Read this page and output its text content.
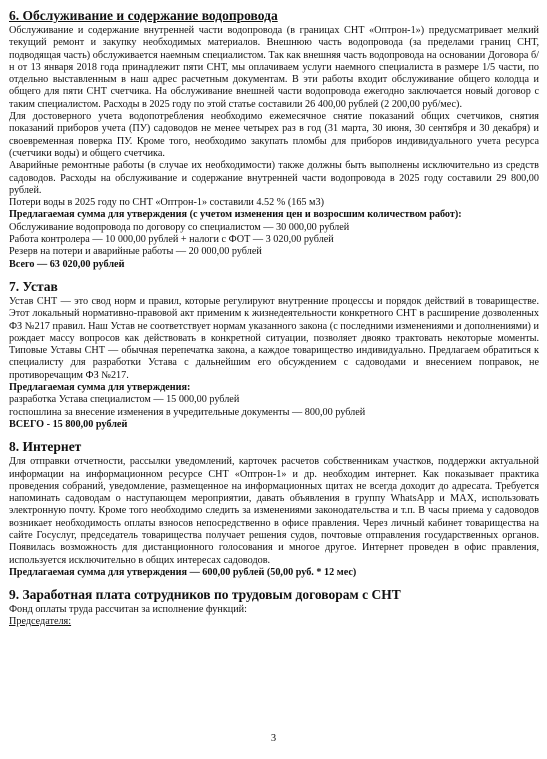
6. Обслуживание и содержание водопровода

Обслуживание и содержание внутренней части водопровода (в границах СНТ «Оптрон-1») предусматривает мелкий текущий ремонт и закупку необходимых материалов. Внешнюю часть водопровода (за пределами границ СНТ, подводящая часть) обслуживается наемным специалистом. Так как внешняя часть водопровода на основании Договора б/н от 13 января 2018 года принадлежит пяти СНТ, мы оплачиваем услуги наемного специалиста в размере 1/5 части, по отдельно выставленным в наш адрес расчетным документам. В эти работы входит обслуживание общего колодца и общего для пяти СНТ счетчика. На обслуживание внешней части водопровода ежегодно заключается новый договор с таким специалистом. Расходы в 2025 году по этой статье составили 26 400,00 рублей (2 200,00 руб/мес).

Для достоверного учета водопотребления необходимо ежемесячное снятие показаний общих счетчиков, снятия показаний приборов учета (ПУ) садоводов не менее четырех раз в год (31 марта, 30 июня, 30 сентября и 30 декабря) и своевременная поверка ПУ. Кроме того, необходимо закупать пломбы для приборов индивидуального учета ресурса (счетчики воды) и общего счетчика.

Аварийные ремонтные работы (в случае их необходимости) также должны быть выполнены исключительно из средств садоводов. Расходы на обслуживание и содержание внутренней части водопровода в 2025 году составили 29 800,00 рублей.

Потери воды в 2025 году по СНТ «Оптрон-1» составили 4.52 % (165 м3)

Предлагаемая сумма для утверждения (с учетом изменения цен и возросшим количеством работ):

Обслуживание водопровода по договору со специалистом — 30 000,00 рублей

Работа контролера — 10 000,00 рублей + налоги с ФОТ — 3 020,00 рублей

Резерв на потери и аварийные работы — 20 000,00 рублей

Всего — 63 020,00 рублей

7. Устав

Устав СНТ — это свод норм и правил, которые регулируют внутренние процессы и порядок действий в товариществе. Этот локальный нормативно-правовой акт применим к жизнедеятельности конкретного СНТ в расширение дозволенных ФЗ №217 правил. Наш Устав не соответствует нормам указанного закона (с последними изменениями и дополнениями) и рождает массу вопросов как действовать в конкретной ситуации, позволяет двояко трактовать некоторые моменты. Типовые Уставы СНТ — обычная перепечатка закона, а каждое товарищество индивидуально. Предлагаем обратиться к специалисту для разработки Устава с дальнейшим его обсуждением с садоводами и внесением поправок, не противоречащим ФЗ №217.

Предлагаемая сумма для утверждения:

разработка Устава специалистом — 15 000,00 рублей

госпошлина за внесение изменения в учредительные документы — 800,00 рублей

ВСЕГО - 15 800,00 рублей

8. Интернет

Для отправки отчетности, рассылки уведомлений, карточек расчетов собственникам участков, поддержки актуальной информации на информационном ресурсе СНТ «Оптрон-1» и др. необходим интернет. Как показывает практика проведения собраний, уведомление, размещенное на информационных щитах не всегда доходит до адресата. Требуется напоминать садоводам о наступающем мероприятии, давать объявления в группу WhatsApp и MAX, использовать электронную почту. Кроме того необходимо следить за изменениями законодательства и т.п. В часы приема у садоводов возникает необходимость оплаты взносов непосредственно в офисе правления. Через личный кабинет товарищества на сайте Госуслуг, председатель товарищества получает решения судов, почтовые отправления государственных органов. Появилась возможность для дистанционного голосования и многое другое. Интернет проведен в офис правления, используется исключительно в общих интересах садоводов.

Предлагаемая сумма для утверждения — 600,00 рублей (50,00 руб. * 12 мес)

9. Заработная плата сотрудников по трудовым договорам с СНТ

Фонд оплаты труда рассчитан за исполнение функций:

Председателя:

3
